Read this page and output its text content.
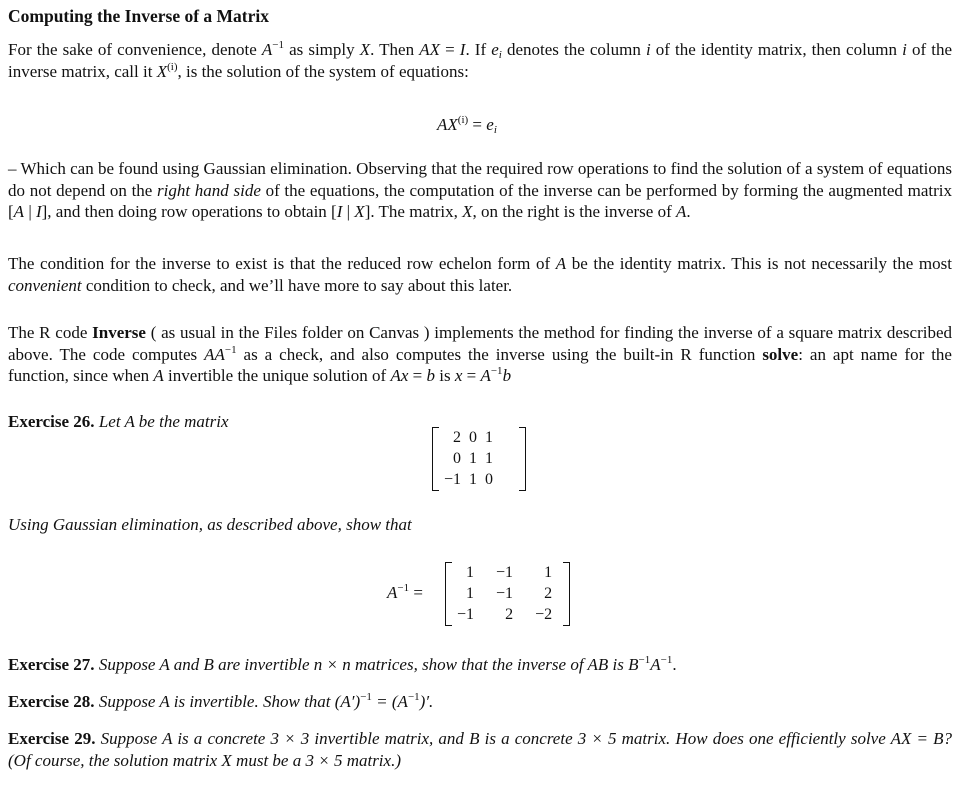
Computing the Inverse of a Matrix
For the sake of convenience, denote $A^{-1}$ as simply X. Then AX = I. If $e_i$ denotes the column i of the identity matrix, then column i of the inverse matrix, call it $X^{(i)}$, is the solution of the system of equations:
$AX^{(i)} = e_i$
– Which can be found using Gaussian elimination. Observing that the required row operations to find the solution of a system of equations do not depend on the right hand side of the equations, the computation of the inverse can be performed by forming the augmented matrix [A | I], and then doing row operations to obtain [I | X]. The matrix, X, on the right is the inverse of A.
The condition for the inverse to exist is that the reduced row echelon form of A be the identity matrix. This is not necessarily the most convenient condition to check, and we’ll have more to say about this later.
The R code Inverse ( as usual in the Files folder on Canvas ) implements the method for finding the inverse of a square matrix described above. The code computes $AA^{-1}$ as a check, and also computes the inverse using the built-in R function solve: an apt name for the function, since when A invertible the unique solution of Ax = b is $x = A^{-1}b$
Exercise 26. Let A be the matrix
2	0	1
0	1	1
−1	1	0
Using Gaussian elimination, as described above, show that
$A^{-1}$ =
1	−1	1
1	−1	2
−1	2	−2
Exercise 27. Suppose A and B are invertible n × n matrices, show that the inverse of AB is $B^{-1}A^{-1}$.
Exercise 28. Suppose A is invertible. Show that $(A')^{-1} = (A^{-1})'$.
Exercise 29. Suppose A is a concrete 3 × 3 invertible matrix, and B is a concrete 3 × 5 matrix. How does one efficiently solve AX = B? (Of course, the solution matrix X must be a 3 × 5 matrix.)
